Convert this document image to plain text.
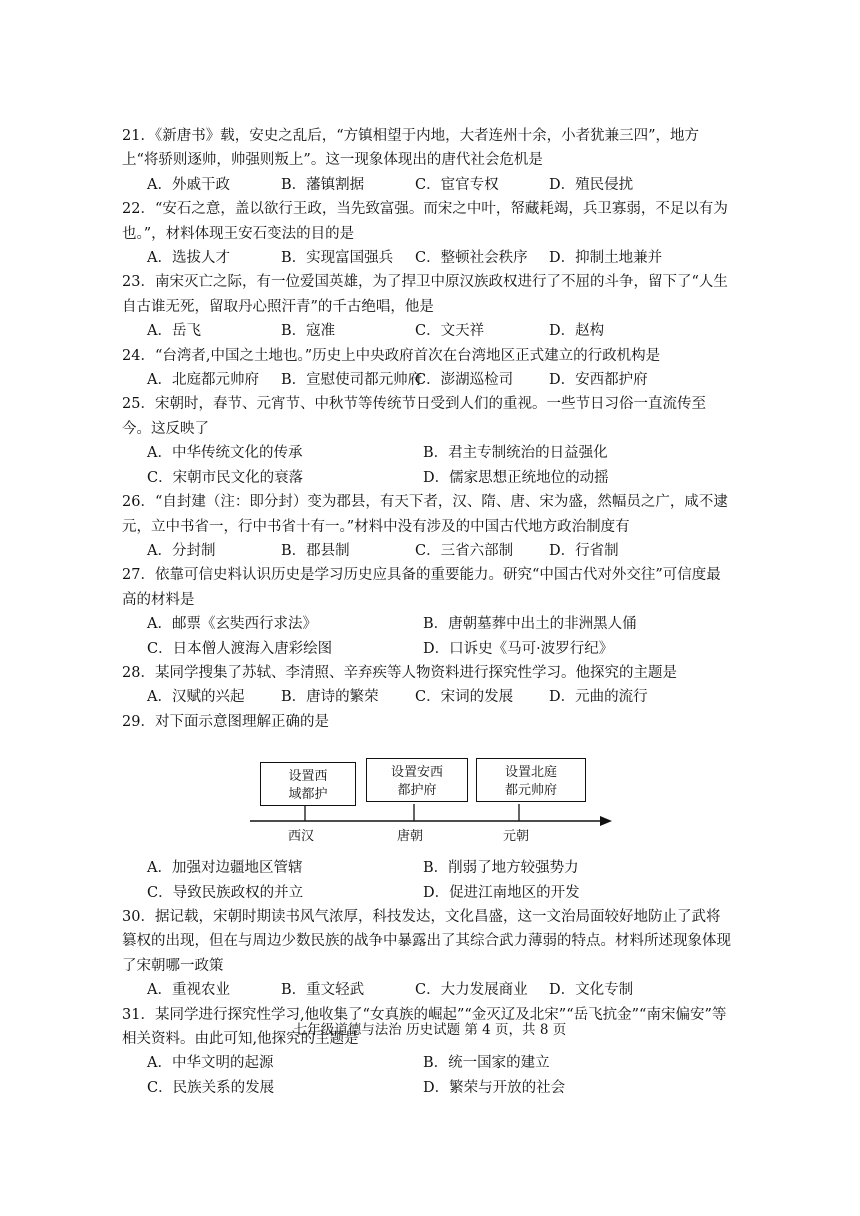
21．《新唐书》载，安史之乱后，“方镇相望于内地，大者连州十余，小者犹兼三四”，地方上“将骄则逐帅，帅强则叛上”。这一现象体现出的唐代社会危机是

A．外戚干政	B．藩镇割据	C．宦官专权	D．殖民侵扰

22．“安石之意，盖以欲行王政，当先致富强。而宋之中叶，帑藏耗竭，兵卫寡弱，不足以有为也。”，材料体现王安石变法的目的是

A．选拔人才	B．实现富国强兵	C．整顿社会秩序	D．抑制土地兼并

23．南宋灭亡之际，有一位爱国英雄，为了捍卫中原汉族政权进行了不屈的斗争，留下了“人生自古谁无死，留取丹心照汗青”的千古绝唱，他是

A．岳飞	B．寇准	C．文天祥	D．赵构

24．“台湾者,中国之土地也。”历史上中央政府首次在台湾地区正式建立的行政机构是

A．北庭都元帅府	B．宣慰使司都元帅府
C．澎湖巡检司	D．安西都护府

25．宋朝时，春节、元宵节、中秋节等传统节日受到人们的重视。一些节日习俗一直流传至今。这反映了

A．中华传统文化的传承	B．君主专制统治的日益强化
C．宋朝市民文化的衰落	D．儒家思想正统地位的动摇

26．“自封建（注：即分封）变为郡县，有天下者，汉、隋、唐、宋为盛，然幅员之广，咸不逮元，立中书省一，行中书省十有一。”材料中没有涉及的中国古代地方政治制度有

A．分封制	B．郡县制	C．三省六部制	D．行省制

27．依靠可信史料认识历史是学习历史应具备的重要能力。研究“中国古代对外交往”可信度最高的材料是

A．邮票《玄奘西行求法》	B．唐朝墓葬中出土的非洲黑人俑
C．日本僧人渡海入唐彩绘图	D．口诉史《马可·波罗行纪》

28．某同学搜集了苏轼、李清照、辛弃疾等人物资料进行探究性学习。他探究的主题是

A．汉赋的兴起	B．唐诗的繁荣	C．宋词的发展	D．元曲的流行

29．对下面示意图理解正确的是

设置西
域都护
设置安西
都护府
设置北庭
都元帅府
西汉	唐朝	元朝
A．加强对边疆地区管辖	B．削弱了地方较强势力
C．导致民族政权的并立	D．促进江南地区的开发

30．据记载，宋朝时期读书风气浓厚，科技发达，文化昌盛，这一文治局面较好地防止了武将篡权的出现，但在与周边少数民族的战争中暴露出了其综合武力薄弱的特点。材料所述现象体现了宋朝哪一政策

A．重视农业	B．重文轻武	C．大力发展商业	D．文化专制

31．某同学进行探究性学习,他收集了“女真族的崛起”“金灭辽及北宋”“岳飞抗金”“南宋偏安”等相关资料。由此可知,他探究的主题是

A．中华文明的起源	B．统一国家的建立
C．民族关系的发展	D．繁荣与开放的社会
七年级道德与法治 历史试题 第 4 页，共 8 页
